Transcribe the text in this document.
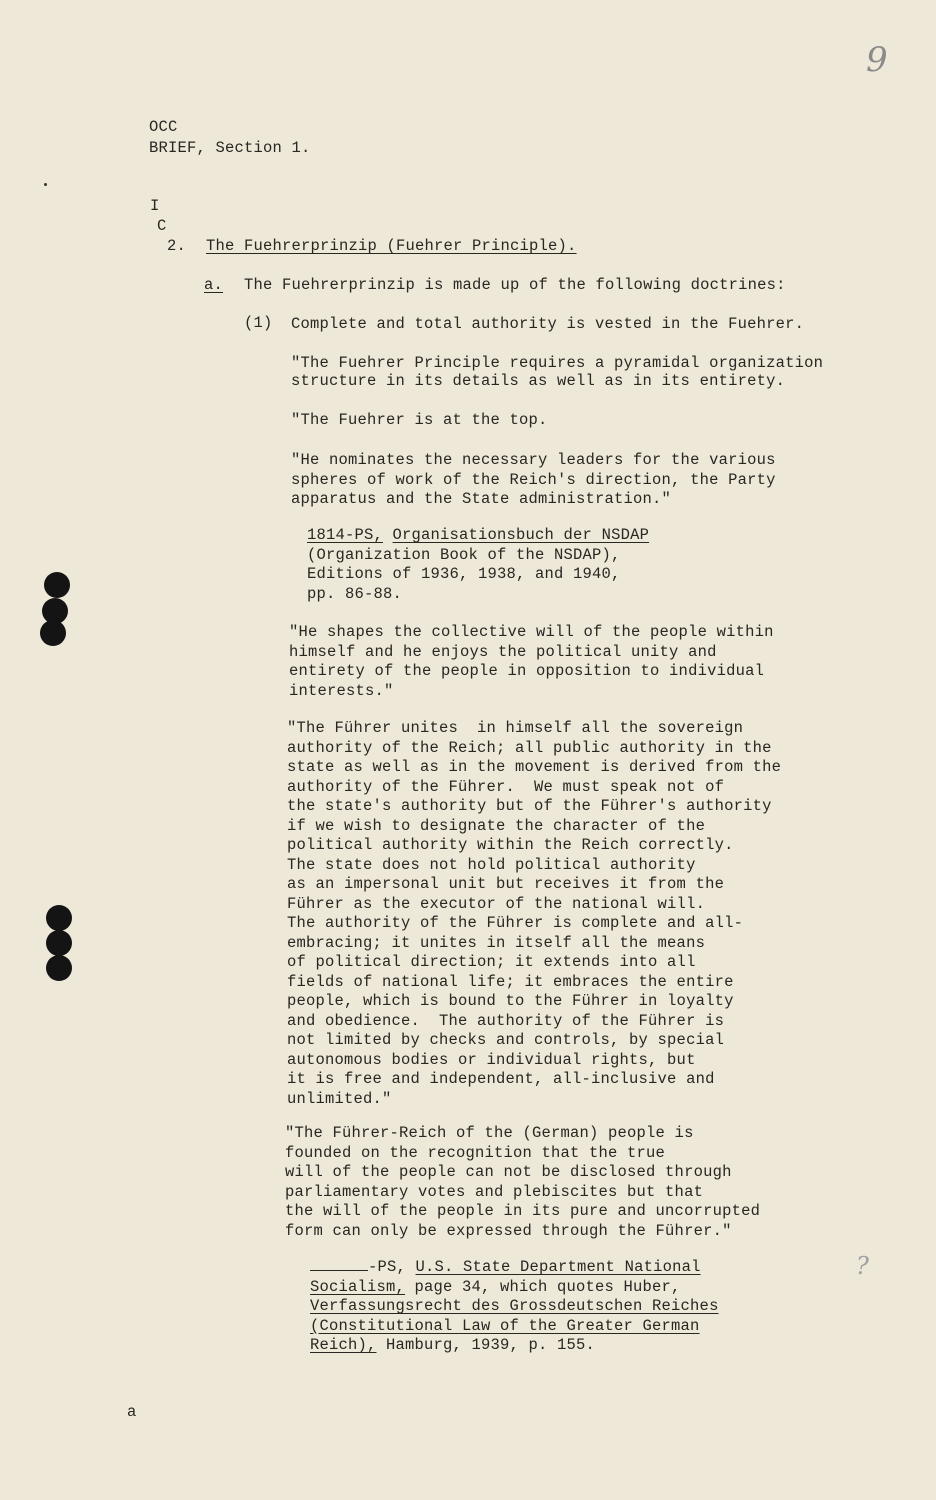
9
?
OCC
BRIEF, Section 1.
I
C
2. The Fuehrerprinzip (Fuehrer Principle).
a. The Fuehrerprinzip is made up of the following doctrines:
(1) Complete and total authority is vested in the Fuehrer.
"The Fuehrer Principle requires a pyramidal organization
structure in its details as well as in its entirety.
"The Fuehrer is at the top.
"He nominates the necessary leaders for the various
spheres of work of the Reich's direction, the Party
apparatus and the State administration."
1814-PS, Organisationsbuch der NSDAP
(Organization Book of the NSDAP),
Editions of 1936, 1938, and 1940,
pp. 86-88.
"He shapes the collective will of the people within
himself and he enjoys the political unity and
entirety of the people in opposition to individual
interests."
"The Führer unites  in himself all the sovereign
authority of the Reich; all public authority in the
state as well as in the movement is derived from the
authority of the Führer.  We must speak not of
the state's authority but of the Führer's authority
if we wish to designate the character of the
political authority within the Reich correctly.
The state does not hold political authority
as an impersonal unit but receives it from the
Führer as the executor of the national will.
The authority of the Führer is complete and all-
embracing; it unites in itself all the means
of political direction; it extends into all
fields of national life; it embraces the entire
people, which is bound to the Führer in loyalty
and obedience.  The authority of the Führer is
not limited by checks and controls, by special
autonomous bodies or individual rights, but
it is free and independent, all-inclusive and
unlimited."
"The Führer-Reich of the (German) people is
founded on the recognition that the true
will of the people can not be disclosed through
parliamentary votes and plebiscites but that
the will of the people in its pure and uncorrupted
form can only be expressed through the Führer."
-PS, U.S. State Department National
Socialism, page 34, which quotes Huber,
Verfassungsrecht des Grossdeutschen Reiches
(Constitutional Law of the Greater German
Reich), Hamburg, 1939, p. 155.
a
